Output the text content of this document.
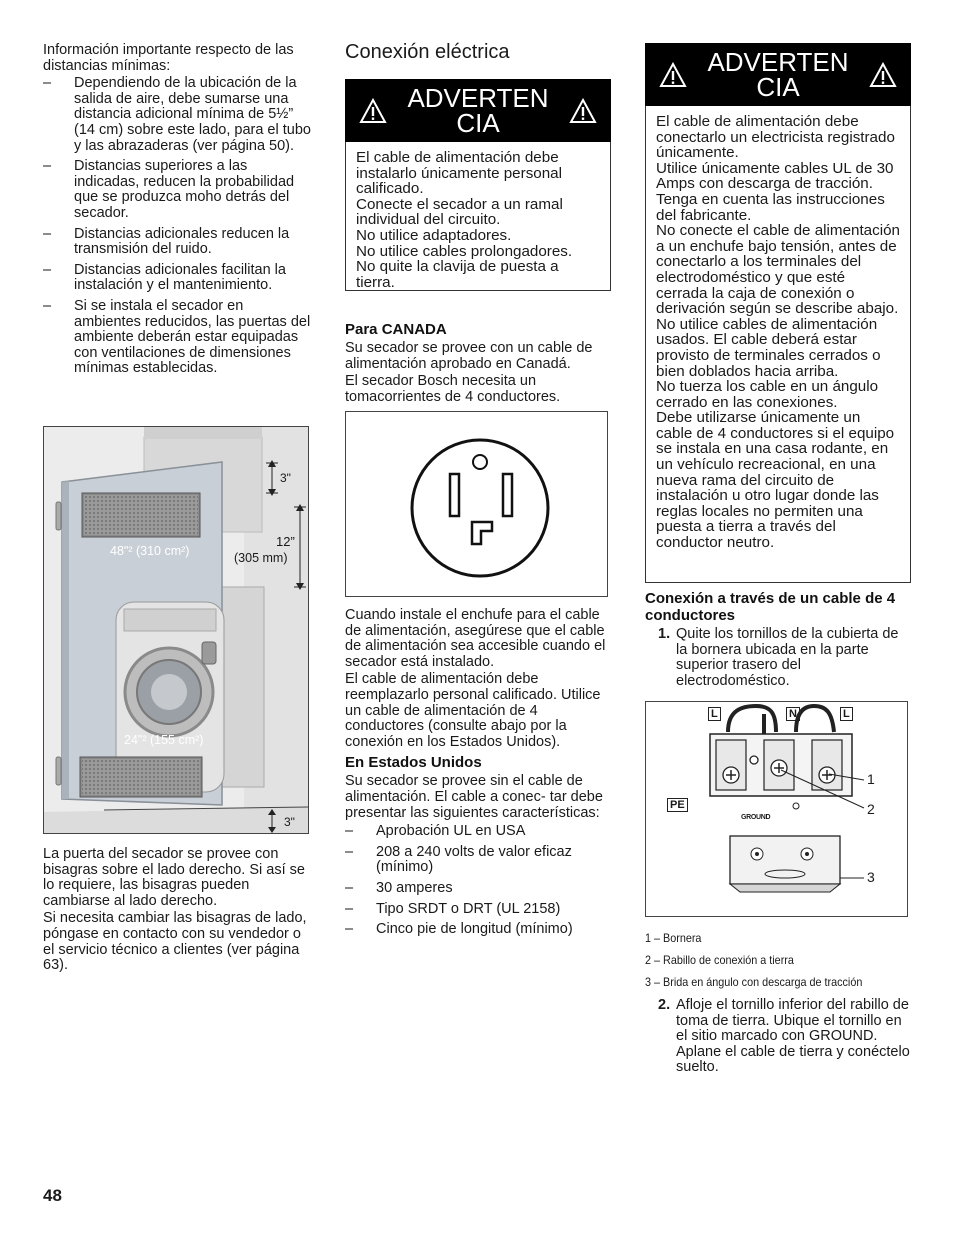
Información importante respecto de las distancias mínimas:

– Dependiendo de la ubicación de la salida de aire, debe sumarse una distancia adicional mínima de 5½” (14 cm) sobre este lado, para el tubo y las abrazaderas (ver página 50).
– Distancias superiores a las indicadas, reducen la probabilidad que se produzca moho detrás del secador.
– Distancias adicionales reducen la transmisión del ruido.
– Distancias adicionales facilitan la instalación y el mantenimiento.
– Si se instala el secador en ambientes reducidos, las puertas del ambiente deberán estar equipadas con ventilaciones de dimensiones mínimas establecidas.
3"
12”
(305 mm)
48"² (310 cm²)
24"² (155 cm²)
3"

La puerta del secador se provee con bisagras sobre el lado derecho. Si así se lo requiere, las bisagras pueden cambiarse al lado derecho.

Si necesita cambiar las bisagras de lado, póngase en contacto con su vendedor o el servicio técnico a clientes (ver página 63).

Conexión eléctrica
ADVERTENCIA
El cable de alimentación debe instalarlo únicamente personal calificado.
Conecte el secador a un ramal individual del circuito.
No utilice adaptadores.
No utilice cables prolongadores.
No quite la clavija de puesta a tierra.
Para CANADA

Su secador se provee con un cable de alimentación aprobado en Canadá.

El secador Bosch necesita un tomacorrientes de 4 conductores.

Cuando instale el enchufe para el cable de alimentación, asegúrese que el cable de alimentación sea accesible cuando el secador está instalado.

El cable de alimentación debe reemplazarlo personal calificado. Utilice un cable de alimentación de 4 conductores (consulte abajo por la conexión en los Estados Unidos).

En Estados Unidos

Su secador se provee sin el cable de alimentación. El cable a conec- tar debe presentar las siguientes características:

– Aprobación UL en USA
– 208 a 240 volts de valor eficaz (mínimo)
– 30 amperes
– Tipo SRDT o DRT (UL 2158)
– Cinco pie de longitud (mínimo)
ADVERTENCIA
El cable de alimentación debe conectarlo un electricista registrado únicamente.
Utilice únicamente cables UL de 30 Amps con descarga de tracción. Tenga en cuenta las instrucciones del fabricante.
No conecte el cable de alimentación a un enchufe bajo tensión, antes de conectarlo a los terminales del electrodoméstico y que esté cerrada la caja de conexión o derivación según se describe abajo.
No utilice cables de alimentación usados. El cable deberá estar provisto de terminales cerrados o bien doblados hacia arriba.
No tuerza los cable en un ángulo cerrado en las conexiones.
Debe utilizarse únicamente un cable de 4 conductores si el equipo se instala en una casa rodante, en un vehículo recreacional, en una nueva rama del circuito de instalación u otro lugar donde las reglas locales no permiten una puesta a tierra a través del conductor neutro.
Conexión a través de un cable de 4 conductores
1. Quite los tornillos de la cubierta de la bornera ubicada en la parte superior trasero del electrodoméstico.
L	N	L
PE
GROUND
1
2
3
1 – Bornera
2 – Rabillo de conexión a tierra
3 – Brida en ángulo con descarga de tracción
2. Afloje el tornillo inferior del rabillo de toma de tierra. Ubique el tornillo en el sitio marcado con GROUND. Aplane el cable de tierra y conéctelo suelto.
48
